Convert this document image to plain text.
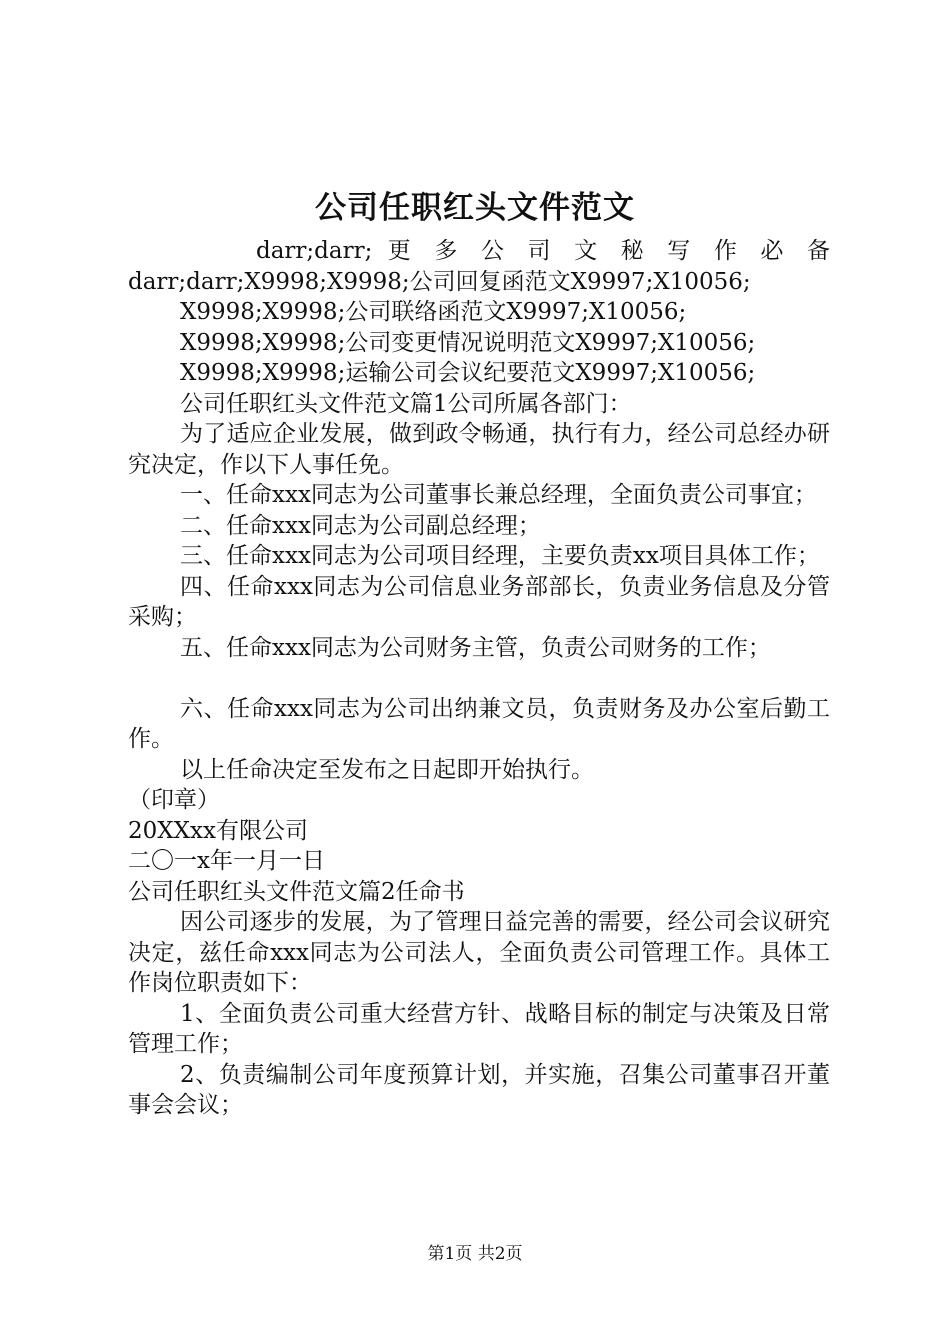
公司任职红头文件范文
darr;darr; 更 多 公 司 文 秘 写 作 必 备
darr;darr;X9998;X9998;公司回复函范文X9997;X10056;
X9998;X9998;公司联络函范文X9997;X10056;
X9998;X9998;公司变更情况说明范文X9997;X10056;
X9998;X9998;运输公司会议纪要范文X9997;X10056;
公司任职红头文件范文篇1公司所属各部门：

为了适应企业发展，做到政令畅通，执行有力，经公司总经办研究决定，作以下人事任免。

一、任命xxx同志为公司董事长兼总经理，全面负责公司事宜；

二、任命xxx同志为公司副总经理；

三、任命xxx同志为公司项目经理，主要负责xx项目具体工作；

四、任命xxx同志为公司信息业务部部长，负责业务信息及分管采购；

五、任命xxx同志为公司财务主管，负责公司财务的工作；

六、任命xxx同志为公司出纳兼文员，负责财务及办公室后勤工作。

以上任命决定至发布之日起即开始执行。

（印章）

20XXxx有限公司

二〇一x年一月一日

公司任职红头文件范文篇2任命书

因公司逐步的发展，为了管理日益完善的需要，经公司会议研究决定，兹任命xxx同志为公司法人，全面负责公司管理工作。具体工作岗位职责如下：

1、全面负责公司重大经营方针、战略目标的制定与决策及日常管理工作；

2、负责编制公司年度预算计划，并实施，召集公司董事召开董事会会议；

第1页 共2页
